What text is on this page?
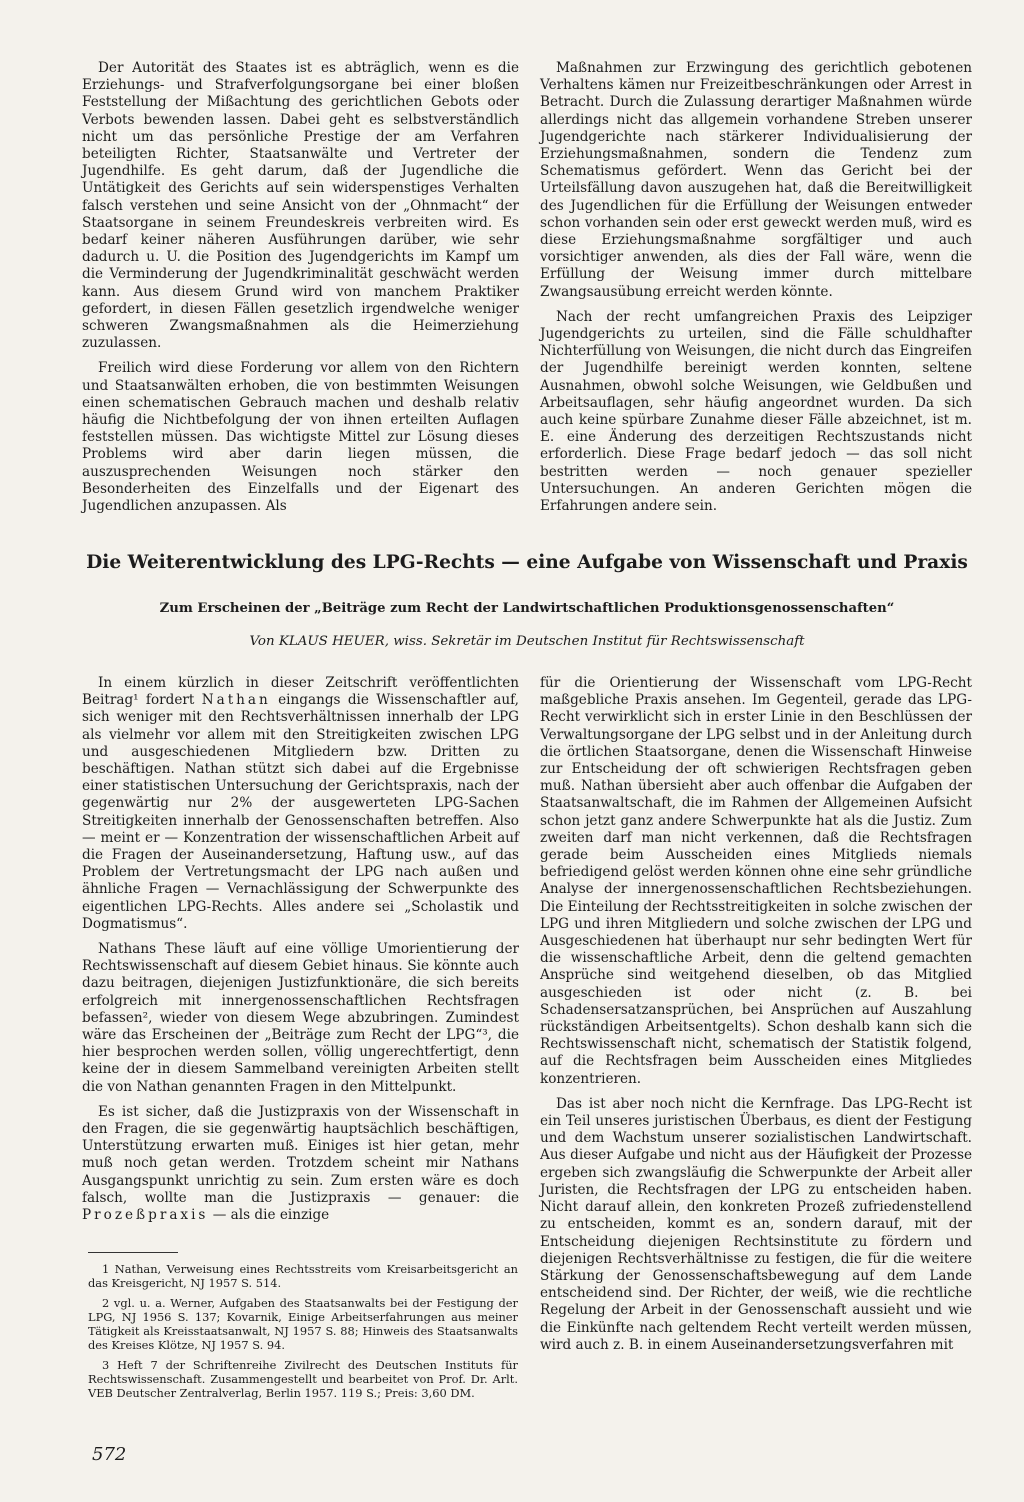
Der Autorität des Staates ist es abträglich, wenn es die Erziehungs- und Strafverfolgungsorgane bei einer bloßen Feststellung der Mißachtung des gerichtlichen Gebots oder Verbots bewenden lassen. Dabei geht es selbstverständlich nicht um das persönliche Prestige der am Verfahren beteiligten Richter, Staatsanwälte und Vertreter der Jugendhilfe. Es geht darum, daß der Jugendliche die Untätigkeit des Gerichts auf sein widerspenstiges Verhalten falsch verstehen und seine Ansicht von der „Ohnmacht“ der Staatsorgane in seinem Freundeskreis verbreiten wird. Es bedarf keiner näheren Ausführungen darüber, wie sehr dadurch u. U. die Position des Jugendgerichts im Kampf um die Verminderung der Jugendkriminalität geschwächt werden kann. Aus diesem Grund wird von manchem Praktiker gefordert, in diesen Fällen gesetzlich irgendwelche weniger schweren Zwangsmaßnahmen als die Heimerziehung zuzulassen.

Freilich wird diese Forderung vor allem von den Richtern und Staatsanwälten erhoben, die von bestimmten Weisungen einen schematischen Gebrauch machen und deshalb relativ häufig die Nichtbefolgung der von ihnen erteilten Auflagen feststellen müssen. Das wichtigste Mittel zur Lösung dieses Problems wird aber darin liegen müssen, die auszusprechenden Weisungen noch stärker den Besonderheiten des Einzelfalls und der Eigenart des Jugendlichen anzupassen. Als

Maßnahmen zur Erzwingung des gerichtlich gebotenen Verhaltens kämen nur Freizeitbeschränkungen oder Arrest in Betracht. Durch die Zulassung derartiger Maßnahmen würde allerdings nicht das allgemein vorhandene Streben unserer Jugendgerichte nach stärkerer Individualisierung der Erziehungsmaßnahmen, sondern die Tendenz zum Schematismus gefördert. Wenn das Gericht bei der Urteilsfällung davon auszugehen hat, daß die Bereitwilligkeit des Jugendlichen für die Erfüllung der Weisungen entweder schon vorhanden sein oder erst geweckt werden muß, wird es diese Erziehungsmaßnahme sorgfältiger und auch vorsichtiger anwenden, als dies der Fall wäre, wenn die Erfüllung der Weisung immer durch mittelbare Zwangsausübung erreicht werden könnte.

Nach der recht umfangreichen Praxis des Leipziger Jugendgerichts zu urteilen, sind die Fälle schuldhafter Nichterfüllung von Weisungen, die nicht durch das Eingreifen der Jugendhilfe bereinigt werden konnten, seltene Ausnahmen, obwohl solche Weisungen, wie Geldbußen und Arbeitsauflagen, sehr häufig angeordnet wurden. Da sich auch keine spürbare Zunahme dieser Fälle abzeichnet, ist m. E. eine Änderung des derzeitigen Rechtszustands nicht erforderlich. Diese Frage bedarf jedoch — das soll nicht bestritten werden — noch genauer spezieller Untersuchungen. An anderen Gerichten mögen die Erfahrungen andere sein.

Die Weiterentwicklung des LPG-Rechts — eine Aufgabe von Wissenschaft und Praxis
Zum Erscheinen der „Beiträge zum Recht der Landwirtschaftlichen Produktionsgenossenschaften“

Von KLAUS HEUER, wiss. Sekretär im Deutschen Institut für Rechtswissenschaft

In einem kürzlich in dieser Zeitschrift veröffentlichten Beitrag¹ fordert Nathan eingangs die Wissenschaftler auf, sich weniger mit den Rechtsverhältnissen innerhalb der LPG als vielmehr vor allem mit den Streitigkeiten zwischen LPG und ausgeschiedenen Mitgliedern bzw. Dritten zu beschäftigen. Nathan stützt sich dabei auf die Ergebnisse einer statistischen Untersuchung der Gerichtspraxis, nach der gegenwärtig nur 2% der ausgewerteten LPG-Sachen Streitigkeiten innerhalb der Genossenschaften betreffen. Also — meint er — Konzentration der wissenschaftlichen Arbeit auf die Fragen der Auseinandersetzung, Haftung usw., auf das Problem der Vertretungsmacht der LPG nach außen und ähnliche Fragen — Vernachlässigung der Schwerpunkte des eigentlichen LPG-Rechts. Alles andere sei „Scholastik und Dogmatismus“.

Nathans These läuft auf eine völlige Umorientierung der Rechtswissenschaft auf diesem Gebiet hinaus. Sie könnte auch dazu beitragen, diejenigen Justizfunktionäre, die sich bereits erfolgreich mit innergenossenschaftlichen Rechtsfragen befassen², wieder von diesem Wege abzubringen. Zumindest wäre das Erscheinen der „Beiträge zum Recht der LPG“³, die hier besprochen werden sollen, völlig ungerechtfertigt, denn keine der in diesem Sammelband vereinigten Arbeiten stellt die von Nathan genannten Fragen in den Mittelpunkt.

Es ist sicher, daß die Justizpraxis von der Wissenschaft in den Fragen, die sie gegenwärtig hauptsächlich beschäftigen, Unterstützung erwarten muß. Einiges ist hier getan, mehr muß noch getan werden. Trotzdem scheint mir Nathans Ausgangspunkt unrichtig zu sein. Zum ersten wäre es doch falsch, wollte man die Justizpraxis — genauer: die Prozeßpraxis — als die einzige

für die Orientierung der Wissenschaft vom LPG-Recht maßgebliche Praxis ansehen. Im Gegenteil, gerade das LPG-Recht verwirklicht sich in erster Linie in den Beschlüssen der Verwaltungsorgane der LPG selbst und in der Anleitung durch die örtlichen Staatsorgane, denen die Wissenschaft Hinweise zur Entscheidung der oft schwierigen Rechtsfragen geben muß. Nathan übersieht aber auch offenbar die Aufgaben der Staatsanwaltschaft, die im Rahmen der Allgemeinen Aufsicht schon jetzt ganz andere Schwerpunkte hat als die Justiz. Zum zweiten darf man nicht verkennen, daß die Rechtsfragen gerade beim Ausscheiden eines Mitglieds niemals befriedigend gelöst werden können ohne eine sehr gründliche Analyse der innergenossenschaftlichen Rechtsbeziehungen. Die Einteilung der Rechtsstreitigkeiten in solche zwischen der LPG und ihren Mitgliedern und solche zwischen der LPG und Ausgeschiedenen hat überhaupt nur sehr bedingten Wert für die wissenschaftliche Arbeit, denn die geltend gemachten Ansprüche sind weitgehend dieselben, ob das Mitglied ausgeschieden ist oder nicht (z. B. bei Schadensersatzansprüchen, bei Ansprüchen auf Auszahlung rückständigen Arbeitsentgelts). Schon deshalb kann sich die Rechtswissenschaft nicht, schematisch der Statistik folgend, auf die Rechtsfragen beim Ausscheiden eines Mitgliedes konzentrieren.

Das ist aber noch nicht die Kernfrage. Das LPG-Recht ist ein Teil unseres juristischen Überbaus, es dient der Festigung und dem Wachstum unserer sozialistischen Landwirtschaft. Aus dieser Aufgabe und nicht aus der Häufigkeit der Prozesse ergeben sich zwangsläufig die Schwerpunkte der Arbeit aller Juristen, die Rechtsfragen der LPG zu entscheiden haben. Nicht darauf allein, den konkreten Prozeß zufriedenstellend zu entscheiden, kommt es an, sondern darauf, mit der Entscheidung diejenigen Rechtsinstitute zu fördern und diejenigen Rechtsverhältnisse zu festigen, die für die weitere Stärkung der Genossenschaftsbewegung auf dem Lande entscheidend sind. Der Richter, der weiß, wie die rechtliche Regelung der Arbeit in der Genossenschaft aussieht und wie die Einkünfte nach geltendem Recht verteilt werden müssen, wird auch z. B. in einem Auseinandersetzungsverfahren mit

1 Nathan, Verweisung eines Rechtsstreits vom Kreisarbeitsgericht an das Kreisgericht, NJ 1957 S. 514.

2 vgl. u. a. Werner, Aufgaben des Staatsanwalts bei der Festigung der LPG, NJ 1956 S. 137; Kovarnik, Einige Arbeitserfahrungen aus meiner Tätigkeit als Kreisstaatsanwalt, NJ 1957 S. 88; Hinweis des Staatsanwalts des Kreises Klötze, NJ 1957 S. 94.

3 Heft 7 der Schriftenreihe Zivilrecht des Deutschen Instituts für Rechtswissenschaft. Zusammengestellt und bearbeitet von Prof. Dr. Arlt. VEB Deutscher Zentralverlag, Berlin 1957. 119 S.; Preis: 3,60 DM.

572
